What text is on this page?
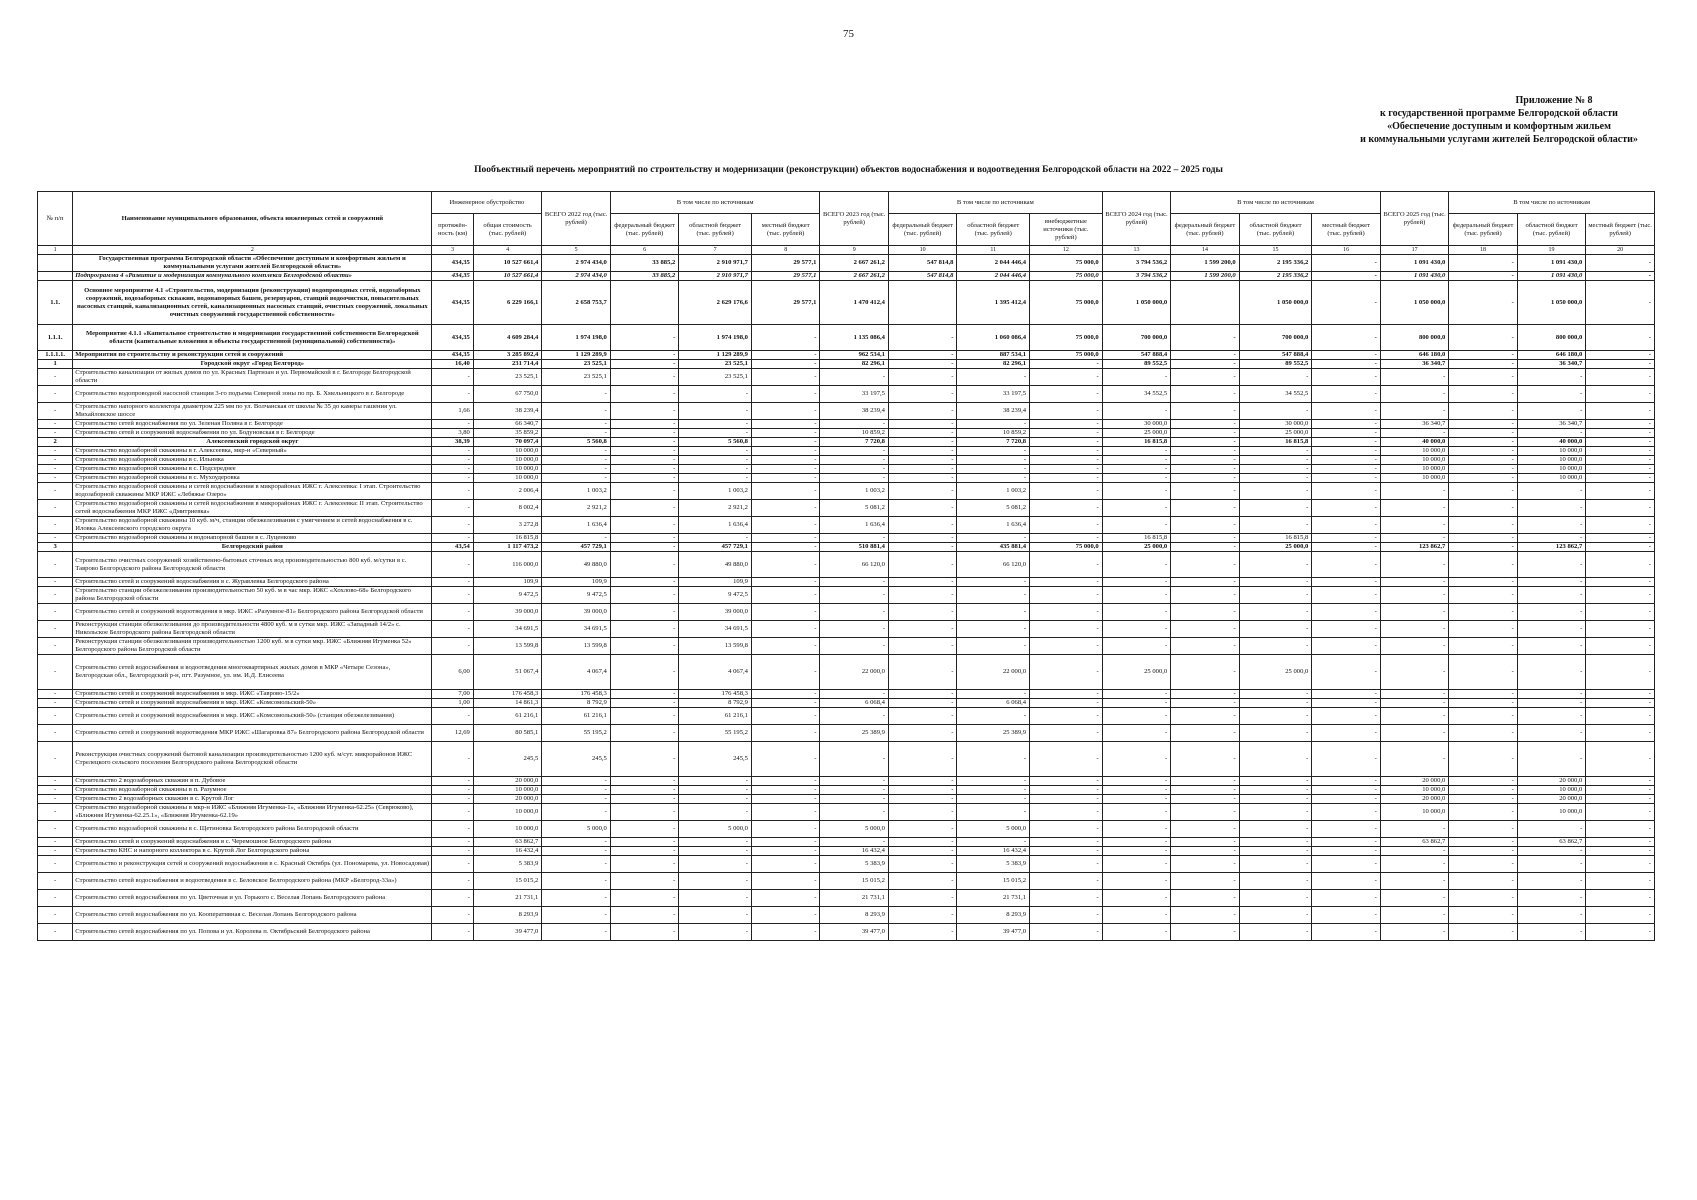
75
Приложение № 8
к государственной программе Белгородской области
«Обеспечение доступным и комфортным жильем
и коммунальными услугами жителей Белгородской области»
Пообъектный перечень мероприятий по строительству и модернизации (реконструкции) объектов водоснабжения и водоотведения Белгородской области на 2022 – 2025 годы
№ п/п	Наименование муниципального образования, объекта инженерных сетей и сооружений	Инженерное обустройство		ВСЕГО 2022 год (тыс. рублей)	В том числе по источникам			ВСЕГО 2023 год (тыс. рублей)	В том числе по источникам			ВСЕГО 2024 год (тыс. рублей)	В том числе по источникам			ВСЕГО 2025 год (тыс. рублей)	В том числе по источникам		
		протяжён-ность (км)	общая стоимость (тыс. рублей)		федеральный бюджет (тыс. рублей)	областной бюджет (тыс. рублей)	местный бюджет (тыс. рублей)		федеральный бюджет (тыс. рублей)	областной бюджет (тыс. рублей)	внебюджетные источники (тыс. рублей)		федеральный бюджет (тыс. рублей)	областной бюджет (тыс. рублей)	местный бюджет (тыс. рублей)		федеральный бюджет (тыс. рублей)	областной бюджет (тыс. рублей)	местный бюджет (тыс. рублей)
1	2	3	4	5	6	7	8	9	10	11	12	13	14	15	16	17	18	19	20
	Государственная программа Белгородской области «Обеспечение доступным и комфортным жильем и коммунальными услугами жителей Белгородской области»	434,35	10 527 661,4	2 974 434,0	33 885,2	2 910 971,7	29 577,1	2 667 261,2	547 814,8	2 044 446,4	75 000,0	3 794 536,2	1 599 200,0	2 195 336,2	-	1 091 430,0	-	1 091 430,0	-
	Подпрограмма 4 «Развитие и модернизация коммунального комплекса Белгородской области»	434,35	10 527 661,4	2 974 434,0	33 885,2	2 910 971,7	29 577,1	2 667 261,2	547 814,8	2 044 446,4	75 000,0	3 794 536,2	1 599 200,0	2 195 336,2	-	1 091 430,0	-	1 091 430,0	-
1.1.	Основное мероприятие 4.1 «Строительство, модернизация (реконструкция) водопроводных сетей, водозаборных сооружений, водозаборных скважин, водонапорных башен, резервуаров, станций водоочистки, повысительных насосных станций, канализационных сетей, канализационных насосных станций, очистных сооружений, локальных очистных сооружений государственной собственности»	434,35	6 229 166,1	2 658 753,7		2 629 176,6	29 577,1	1 470 412,4		1 395 412,4	75 000,0	1 050 000,0		1 050 000,0	-	1 050 000,0	-	1 050 000,0	-
1.1.1.	Мероприятие 4.1.1 «Капитальное строительство и модернизация государственной собственности Белгородской области (капитальные вложения в объекты государственной (муниципальной) собственности)»	434,35	4 609 284,4	1 974 198,0	-	1 974 198,0	-	1 135 086,4	-	1 060 086,4	75 000,0	700 000,0	-	700 000,0	-	800 000,0	-	800 000,0	-
1.1.1.1.	Мероприятия по строительству и реконструкции сетей и сооружений	434,35	3 285 892,4	1 129 289,9	-	1 129 289,9	-	962 534,1	-	887 534,1	75 000,0	547 888,4	-	547 888,4	-	646 180,0	-	646 180,0	-
1	Городской округ «Город Белгород»	16,40	231 714,4	23 525,1	-	23 525,1	-	82 296,1	-	82 296,1	-	89 552,5	-	89 552,5	-	36 340,7	-	36 340,7	-
-	Строительство канализации от жилых домов по ул. Красных Партизан и ул. Первомайской в г. Белгороде Белгородской области	-	23 525,1	23 525,1	-	23 525,1	-	-	-	-	-	-	-	-	-	-	-	-	-
-	Строительство водопроводной насосной станции 3-го подъема Северной зоны по пр. Б. Хмельницкого в г. Белгороде	-	67 750,0	-	-	-	-	33 197,5	-	33 197,5	-	34 552,5	-	34 552,5	-	-	-	-	-
-	Строительство напорного коллектора диаметром 225 мм по ул. Волчанская от школы № 35 до камеры гашения ул. Михайловское шоссе	1,66	38 239,4	-	-	-	-	38 239,4	-	38 239,4	-	-	-	-	-	-	-	-	-
-	Строительство сетей водоснабжения по ул. Зеленая Полянa в г. Белгороде	-	66 340,7	-	-	-	-	-	-	-	-	30 000,0	-	30 000,0	-	36 340,7	-	36 340,7	-
-	Строительство сетей и сооружений водоснабжения по ул. Бодуновская в г. Белгороде	3,80	35 859,2	-	-	-	-	10 859,2	-	10 859,2	-	25 000,0	-	25 000,0	-	-	-	-	-
2	Алексеевский городской округ	38,39	70 097,4	5 560,8	-	5 560,8	-	7 720,8	-	7 720,8	-	16 815,8	-	16 815,8	-	40 000,0	-	40 000,0	-
-	Строительство водозаборной скважины в г. Алексеевка, мкр-н «Северный»	-	10 000,0	-	-	-	-	-	-	-	-	-	-	-	-	10 000,0	-	10 000,0	-
-	Строительство водозаборной скважины в с. Ильинка	-	10 000,0	-	-	-	-	-	-	-	-	-	-	-	-	10 000,0	-	10 000,0	-
-	Строительство водозаборной скважины в с. Подсереднее	-	10 000,0	-	-	-	-	-	-	-	-	-	-	-	-	10 000,0	-	10 000,0	-
-	Строительство водозаборной скважины в с. Мухоудеровка	-	10 000,0	-	-	-	-	-	-	-	-	-	-	-	-	10 000,0	-	10 000,0	-
-	Строительство водозаборной скважины и сетей водоснабжения в микрорайонах ИЖС г. Алексеевка: I этап. Строительство водозаборной скважины МКР ИЖС «Лебяжье Озеро»	-	2 006,4	1 003,2	-	1 003,2	-	1 003,2	-	1 003,2	-	-	-	-	-	-	-	-	-
-	Строительство водозаборной скважины и сетей водоснабжения в микрорайонах ИЖС г. Алексеевка: II этап. Строительство сетей водоснабжения МКР ИЖС «Дмитриевка»	-	8 002,4	2 921,2	-	2 921,2	-	5 081,2	-	5 081,2	-	-	-	-	-	-	-	-	-
-	Строительство водозаборной скважины 10 куб. м/ч, станции обезжелезивания с умягчением и сетей водоснабжения в с. Иловка Алексеевского городского округа	-	3 272,8	1 636,4	-	1 636,4	-	1 636,4	-	1 636,4	-	-	-	-	-	-	-	-	-
-	Строительство водозаборной скважины и водонапорной башни в с. Луценково	-	16 815,8	-	-	-	-	-	-	-	-	16 815,8	-	16 815,8	-	-	-	-	-
3	Белгородский район	43,54	1 117 473,2	457 729,1	-	457 729,1	-	510 881,4	-	435 881,4	75 000,0	25 000,0	-	25 000,0	-	123 862,7	-	123 862,7	-
-	Строительство очистных сооружений хозяйственно-бытовых сточных вод производительностью 800 куб. м/сутки в с. Таврово Белгородского района Белгородской области	-	116 000,0	49 880,0	-	49 880,0	-	66 120,0	-	66 120,0	-	-	-	-	-	-	-	-	-
-	Строительство сетей и сооружений водоснабжения в с. Журавлевка Белгородского района	-	109,9	109,9	-	109,9	-	-	-	-	-	-	-	-	-	-	-	-	-
-	Строительство станции обезжелезивания производительностью 50 куб. м в час мкр. ИЖС «Хохлово-68» Белгородского района Белгородской области	-	9 472,5	9 472,5	-	9 472,5	-	-	-	-	-	-	-	-	-	-	-	-	-
-	Строительство сетей и сооружений водоотведения в мкр. ИЖС «Разумное-81» Белгородского района Белгородской области	-	39 000,0	39 000,0	-	39 000,0	-	-	-	-	-	-	-	-	-	-	-	-	-
-	Реконструкция станции обезжелезивания до производительности 4800 куб. м в сутки мкр. ИЖС «Западный 14/2» с. Никольское Белгородского района Белгородской области	-	34 691,5	34 691,5	-	34 691,5	-	-	-	-	-	-	-	-	-	-	-	-	-
-	Реконструкция станции обезжелезивания производительностью 1200 куб. м в сутки мкр. ИЖС «Ближняя Игуменка 52» Белгородского района Белгородской области	-	13 599,8	13 599,8	-	13 599,8	-	-	-	-	-	-	-	-	-	-	-	-	-
-	Строительство сетей водоснабжения и водоотведения многоквартирных жилых домов в МКР «Четыре Сезона», Белгородская обл., Белгородский р-н, пгт. Разумное, ул. им. И.Д. Елисеева	6,00	51 067,4	4 067,4	-	4 067,4	-	22 000,0	-	22 000,0	-	25 000,0	-	25 000,0	-	-	-	-	-
-	Строительство сетей и сооружений водоснабжения в мкр. ИЖС «Таврово-15/2»	7,00	176 458,3	176 458,3	-	176 458,3	-	-	-	-	-	-	-	-	-	-	-	-	-
-	Строительство сетей и сооружений водоснабжения в мкр. ИЖС «Комсомольский-50»	1,00	14 861,3	8 792,9	-	8 792,9	-	6 068,4	-	6 068,4	-	-	-	-	-	-	-	-	-
-	Строительство сетей и сооружений водоснабжения в мкр. ИЖС «Комсомольский-50» (станция обезжелезивания)	-	61 216,1	61 216,1	-	61 216,1	-	-	-	-	-	-	-	-	-	-	-	-	-
-	Строительство сетей и сооружений водоотведения МКР ИЖС «Шагаровка 87» Белгородского района Белгородской области	12,69	80 585,1	55 195,2	-	55 195,2	-	25 389,9	-	25 389,9	-	-	-	-	-	-	-	-	-
-	Реконструкция очистных сооружений бытовой канализации производительностью 1200 куб. м/сут. микрорайонов ИЖС Стрелецкого сельского поселения Белгородского района Белгородской области	-	245,5	245,5	-	245,5	-	-	-	-	-	-	-	-	-	-	-	-	-
-	Строительство 2 водозаборных скважин в п. Дубовое	-	20 000,0	-	-	-	-	-	-	-	-	-	-	-	-	20 000,0	-	20 000,0	-
-	Строительство водозаборной скважины в п. Разумное	-	10 000,0	-	-	-	-	-	-	-	-	-	-	-	-	10 000,0	-	10 000,0	-
-	Строительство 2 водозаборных скважин в с. Крутой Лог	-	20 000,0	-	-	-	-	-	-	-	-	-	-	-	-	20 000,0	-	20 000,0	-
-	Строительство водозаборной скважины в мкр-н ИЖС «Ближняя Игуменка-1», «Ближняя Игуменка-62.25» (Севрюково), «Ближняя Игуменка-62.25.1», «Ближняя Игуменка-62.19»	-	10 000,0	-	-	-	-	-	-	-	-	-	-	-	-	10 000,0	-	10 000,0	-
-	Строительство водозаборной скважины в с. Щетиновка Белгородского района Белгородской области	-	10 000,0	5 000,0	-	5 000,0	-	5 000,0	-	5 000,0	-	-	-	-	-	-	-	-	-
-	Строительство сетей и сооружений водоснабжения в с. Черемошное Белгородского района	-	63 862,7	-	-	-	-	-	-	-	-	-	-	-	-	63 862,7	-	63 862,7	-
-	Строительство КНС и напорного коллектора в с. Крутой Лог Белгородского района	-	16 432,4	-	-	-	-	16 432,4	-	16 432,4	-	-	-	-	-	-	-	-	-
-	Строительство и реконструкция сетей и сооружений водоснабжения в с. Красный Октябрь (ул. Пономарева, ул. Новосадовая)	-	5 383,9	-	-	-	-	5 383,9	-	5 383,9	-	-	-	-	-	-	-	-	-
-	Строительство сетей водоснабжения и водоотведения в с. Беловское Белгородского района (МКР «Белгород-33а»)	-	15 015,2	-	-	-	-	15 015,2	-	15 015,2	-	-	-	-	-	-	-	-	-
-	Строительство сетей водоснабжения по ул. Цветочная и ул. Горького с. Веселая Лопань Белгородского района	-	21 731,1	-	-	-	-	21 731,1	-	21 731,1	-	-	-	-	-	-	-	-	-
-	Строительство сетей водоснабжения по ул. Кооперативная с. Веселая Лопань Белгородского района	-	8 293,9	-	-	-	-	8 293,9	-	8 293,9	-	-	-	-	-	-	-	-	-
-	Строительство сетей водоснабжения по ул. Попова и ул. Королева п. Октябрьский Белгородского района	-	39 477,0	-	-	-	-	39 477,0	-	39 477,0	-	-	-	-	-	-	-	-	-
